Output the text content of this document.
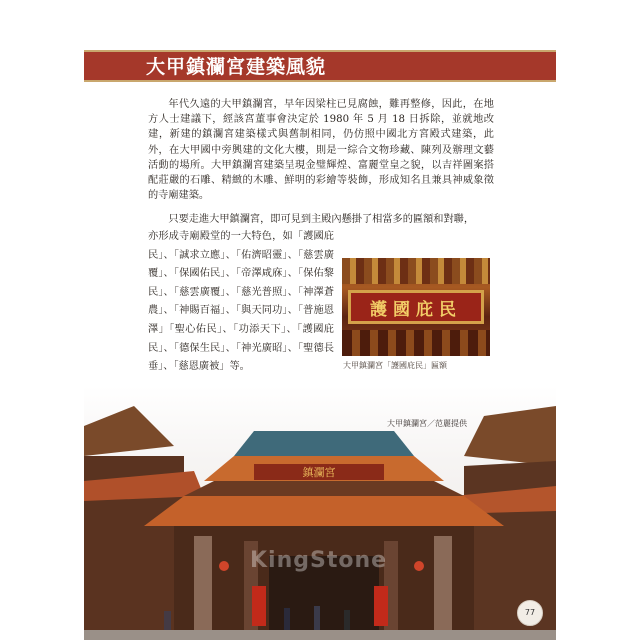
大甲鎮瀾宮建築風貌

年代久遠的大甲鎮瀾宮，早年因梁柱已見腐蝕，難再整修，因此，在地方人士建議下，經該宮董事會決定於 1980 年 5 月 18 日拆除，並就地改建，新建的鎮瀾宮建築樣式與舊制相同，仍仿照中國北方宮殿式建築，此外，在大甲國中旁興建的文化大樓，則是一綜合文物珍藏、陳列及辦理文藝活動的場所。大甲鎮瀾宮建築呈現金璧輝煌、富麗堂皇之貌，以吉祥圖案搭配莊嚴的石雕、精緻的木雕、鮮明的彩繪等裝飾，形成知名且兼具神威象徵的寺廟建築。

只要走進大甲鎮瀾宮，即可見到主殿內懸掛了相當多的匾額和對聯，

亦形成寺廟殿堂的一大特色，如「護國庇民」、「誠求立應」、「佑濟昭靈」、「慈雲廣覆」、「保國佑民」、「帝澤咸庥」、「保佑黎民」、「慈雲廣覆」、「慈光普照」、「神澤蒼農」、「神賜百福」、「與天同功」、「普施恩澤」「聖心佑民」、「功添天下」、「護國庇民」、「德保生民」、「神光廣昭」、「聖德長垂」、「慈恩廣被」等。

護國庇民
大甲鎮瀾宮「護國庇民」匾額
鎮瀾宮
大甲鎮瀾宮／范麗提供
KingStone
77
